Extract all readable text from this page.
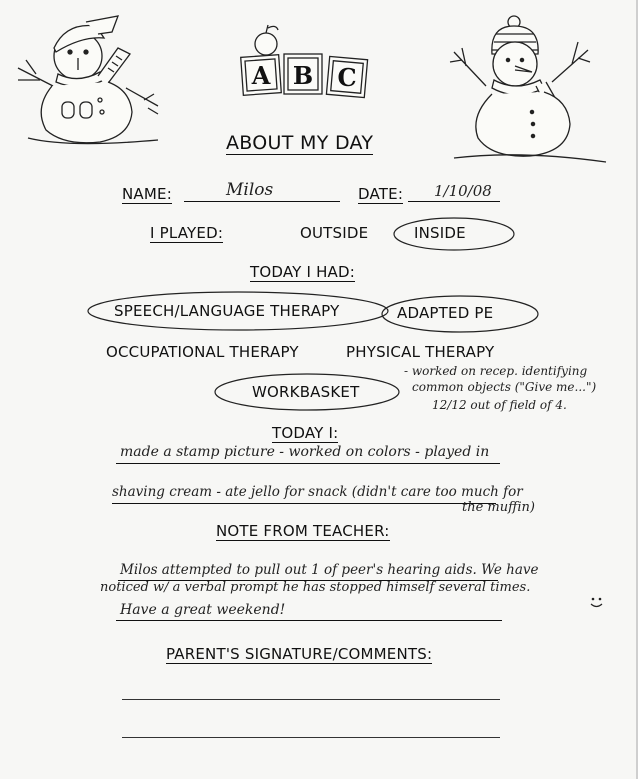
A B C
ABOUT MY DAY
NAME:	Milos	DATE: 1/10/08
I PLAYED:	OUTSIDE	INSIDE
TODAY I HAD:
SPEECH/LANGUAGE THERAPY	ADAPTED PE
OCCUPATIONAL THERAPY	PHYSICAL THERAPY
WORKBASKET
- worked on recep. identifying
common objects ("Give me...")
12/12 out of field of 4.
TODAY I:
made a stamp picture - worked on colors - played in
shaving cream - ate jello for snack (didn't care too much for
the muffin)
NOTE FROM TEACHER:
Milos attempted to pull out 1 of peer's hearing aids. We have
noticed w/ a verbal prompt he has stopped himself several times.
Have a great weekend!
PARENT'S SIGNATURE/COMMENTS:
